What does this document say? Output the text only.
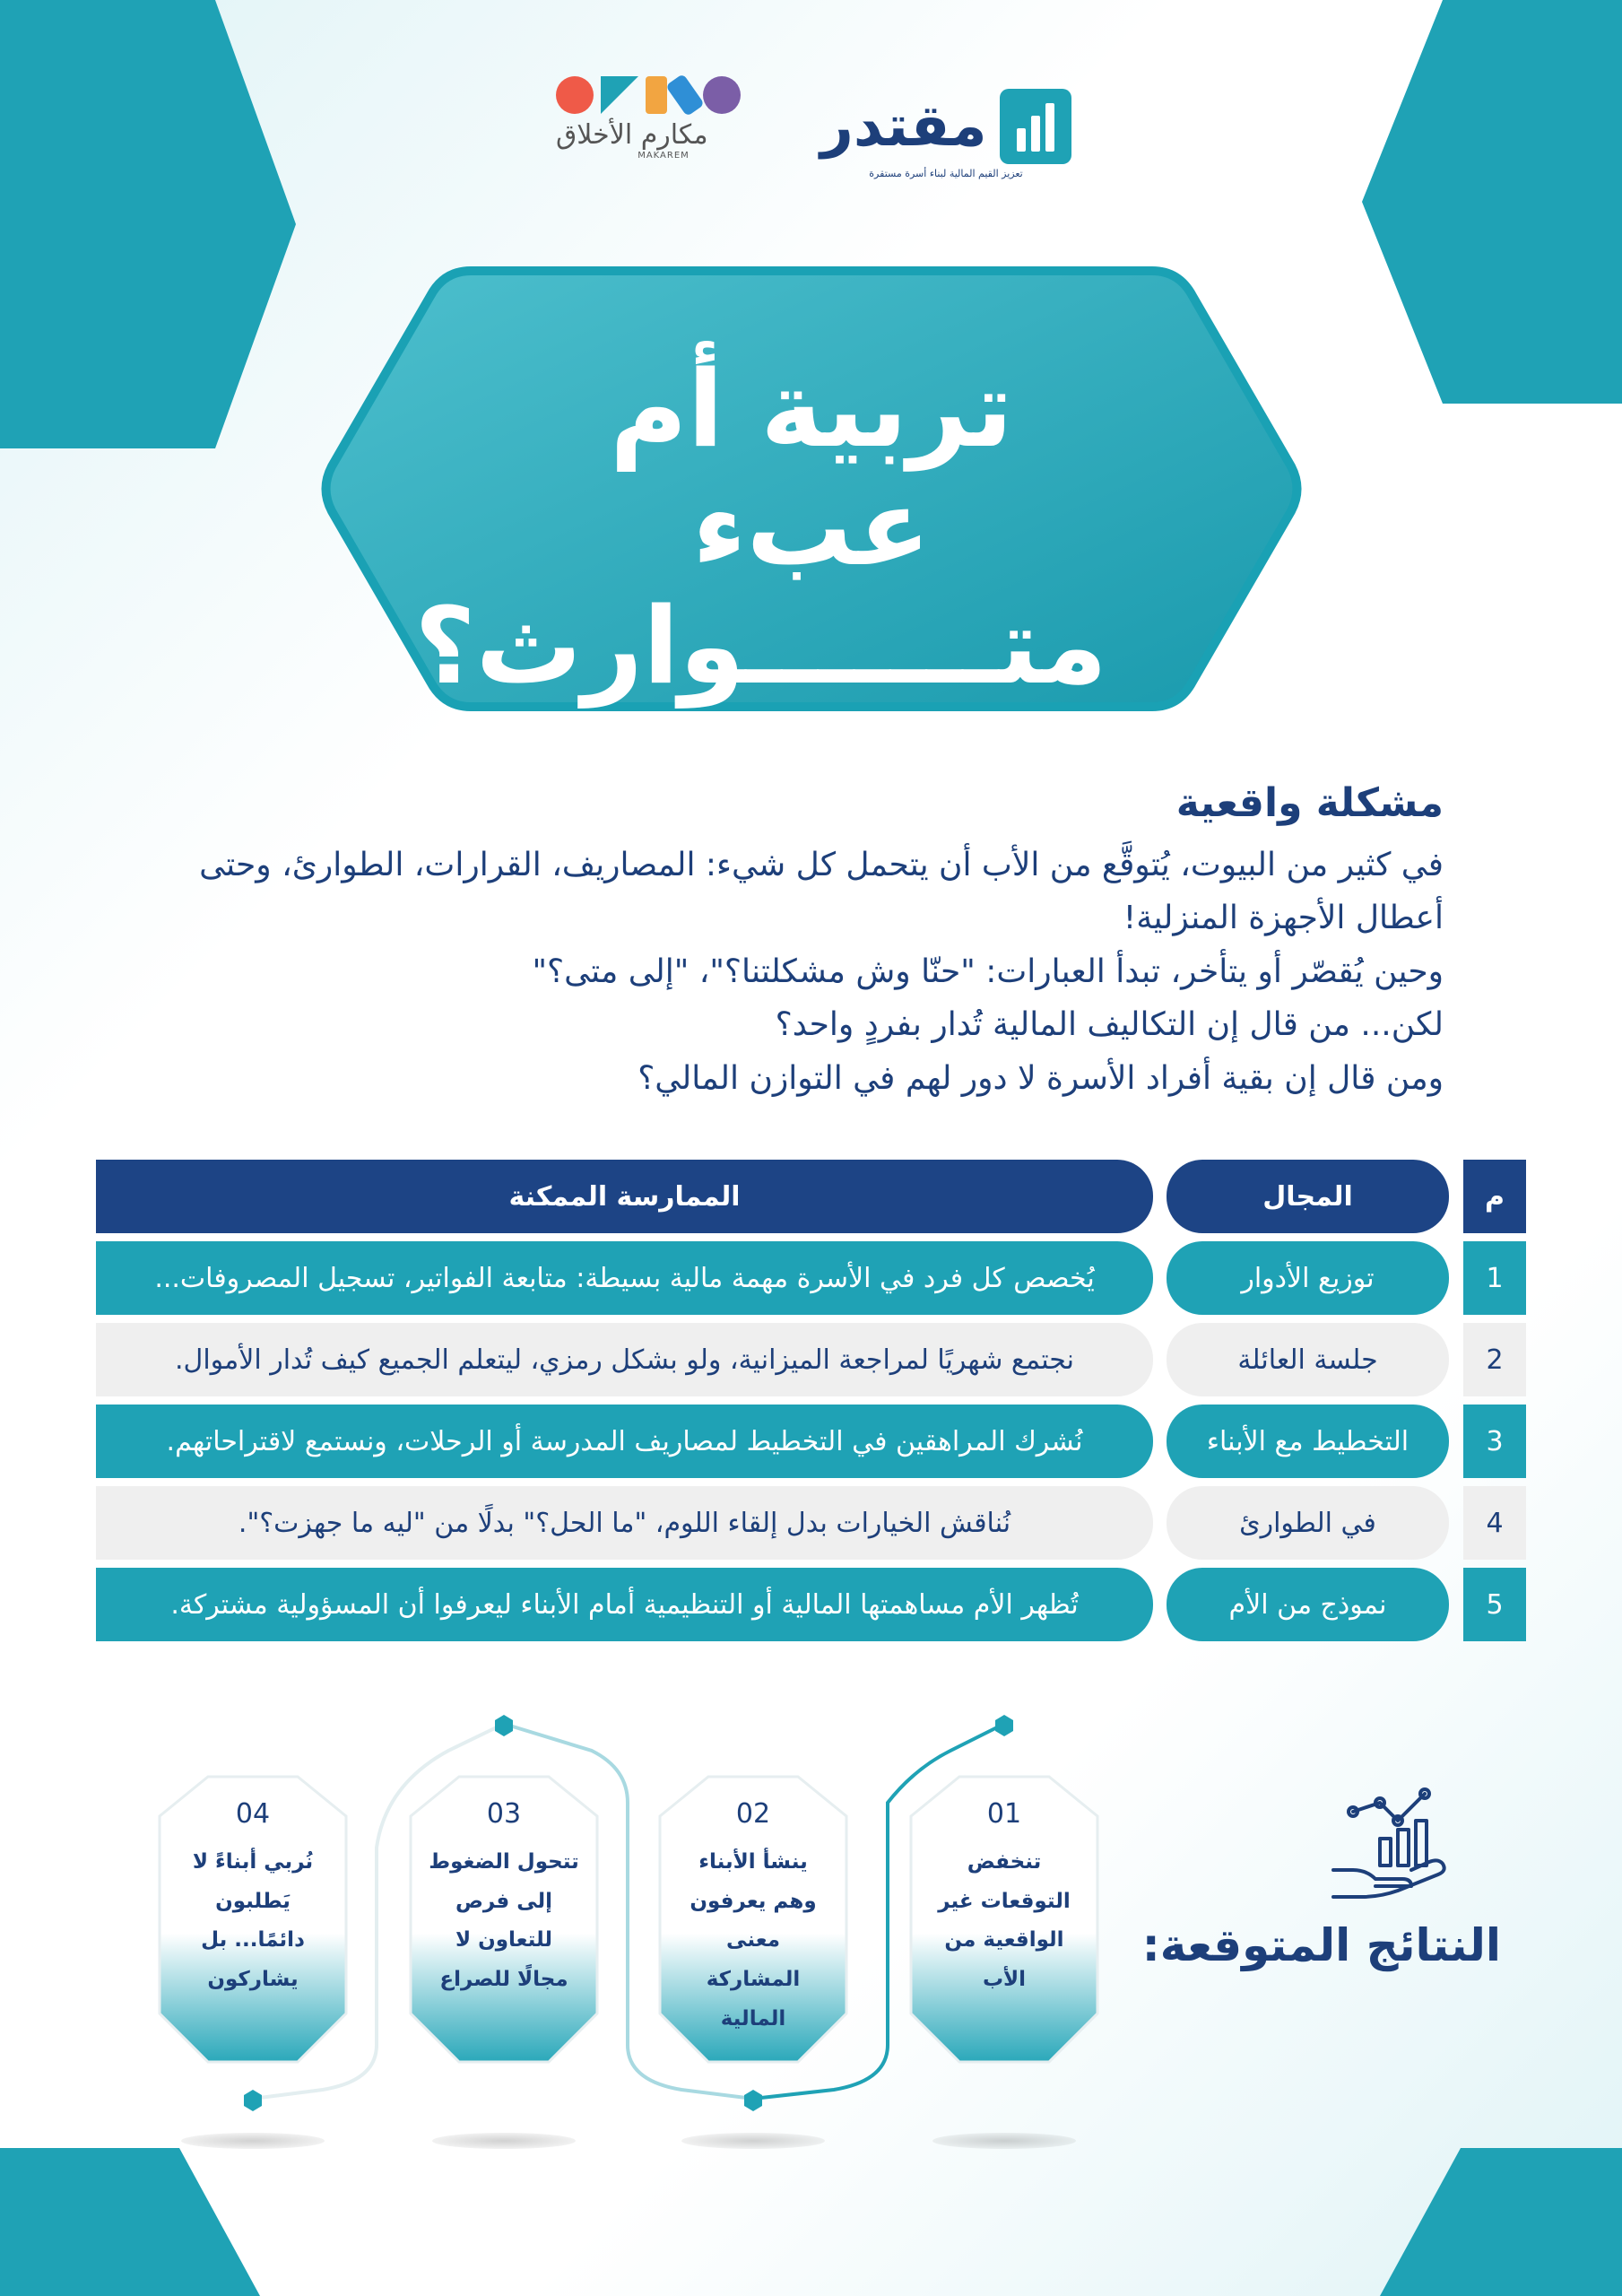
مكارم الأخلاق
MAKAREM	مقتدر
تعزيز القيم المالية لبناء أسرة مستقرة
تربية أم عبء
متـــــــوارث؟
مشكلة واقعية

في كثير من البيوت، يُتوقَّع من الأب أن يتحمل كل شيء: المصاريف، القرارات، الطوارئ، وحتى أعطال الأجهزة المنزلية!

وحين يُقصّر أو يتأخر، تبدأ العبارات: "حنّا وش مشكلتنا؟"، "إلى متى؟"

لكن... من قال إن التكاليف المالية تُدار بفردٍ واحد؟

ومن قال إن بقية أفراد الأسرة لا دور لهم في التوازن المالي؟

م
المجال
الممارسة الممكنة
1
توزيع الأدوار
يُخصص كل فرد في الأسرة مهمة مالية بسيطة: متابعة الفواتير، تسجيل المصروفات...
2
جلسة العائلة
نجتمع شهريًا لمراجعة الميزانية، ولو بشكل رمزي، ليتعلم الجميع كيف تُدار الأموال.
3
التخطيط مع الأبناء
نُشرك المراهقين في التخطيط لمصاريف المدرسة أو الرحلات، ونستمع لاقتراحاتهم.
4
في الطوارئ
نُناقش الخيارات بدل إلقاء اللوم، "ما الحل؟" بدلًا من "ليه ما جهزت؟".
5
نموذج من الأم
تُظهر الأم مساهمتها المالية أو التنظيمية أمام الأبناء ليعرفوا أن المسؤولية مشتركة.
النتائج المتوقعة:
01
تنخفض التوقعات غير الواقعية من الأب
02
ينشأ الأبناء وهم يعرفون معنى المشاركة المالية
03
تتحول الضغوط إلى فرص للتعاون لا مجالًا للصراع
04
نُربي أبناءً لا يَطلبون دائمًا... بل يشاركون
